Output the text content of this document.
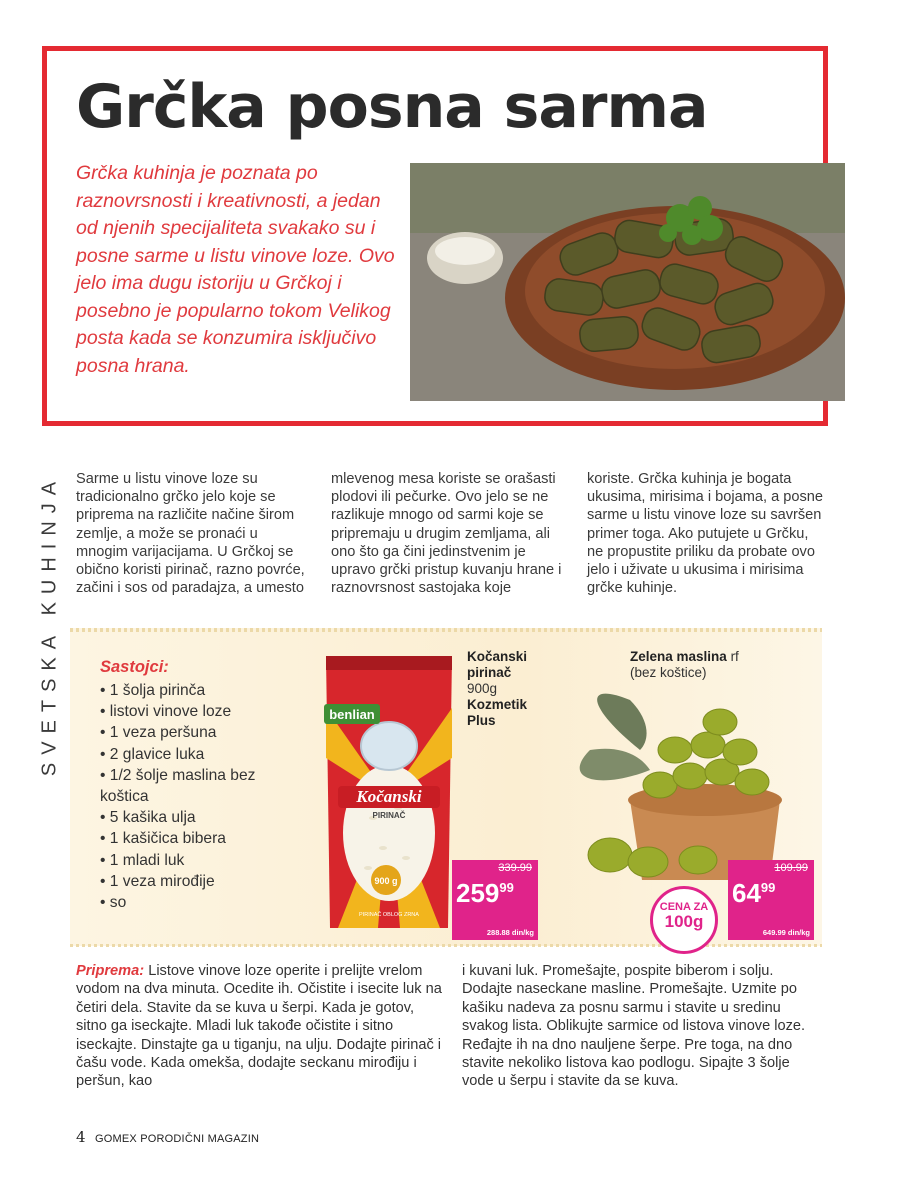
Grčka posna sarma

Grčka kuhinja je poznata po raznovrsnosti i kreativnosti, a jedan od njenih specijaliteta svakako su i posne sarme u listu vinove loze. Ovo jelo ima dugu istoriju u Grčkoj i posebno je popularno tokom Velikog posta kada se konzumira isključivo posna hrana.

SVETSKA KUHINJA Sarme u listu vinove loze su tradicionalno grčko jelo koje se priprema na različite načine širom zemlje, a može se pronaći u mnogim varijacijama. U Grčkoj se obično koristi pirinač, razno povrće, začini i sos od paradajza, a umesto

mlevenog mesa koriste se orašasti plodovi ili pečurke. Ovo jelo se ne razlikuje mnogo od sarmi koje se pripremaju u drugim zemljama, ali ono što ga čini jedinstvenim je upravo grčki pristup kuvanju hrane i raznovrsnost sastojaka koje

koriste. Grčka kuhinja je bogata ukusima, mirisima i bojama, a posne sarme u listu vinove loze su savršen primer toga. Ako putujete u Grčku, ne propustite priliku da probate ovo jelo i uživate u ukusima i mirisima grčke kuhinje.

Sastojci:

• 1 šolja pirinča
• listovi vinove loze
• 1 veza peršuna
• 2 glavice luka
• 1/2 šolje maslina bez koštica
• 5 kašika ulja
• 1 kašičica bibera
• 1 mladi luk
• 1 veza mirođije
• so
benlian
Kočanski
PIRINAČ
900 g
PIRINAČ OBLOG ZRNA
Kočanski pirinač
900g
Kozmetik Plus
Zelena maslina rf
(bez koštice)
339.99
$259^{99}$
288.88 din/kg
109.99
$64^{99}$
649.99 din/kg
CENA ZA
100g

Priprema: Listove vinove loze operite i prelijte vrelom vodom na dva minuta. Ocedite ih. Očistite i isecite luk na četiri dela. Stavite da se kuva u šerpi. Kada je gotov, sitno ga iseckajte. Mladi luk takođe očistite i sitno iseckajte. Dinstajte ga u tiganju, na ulju. Dodajte pirinač i čašu vode. Kada omekša, dodajte seckanu mirođiju i peršun, kao

i kuvani luk. Promešajte, pospite biberom i solju. Dodajte naseckane masline. Promešajte. Uzmite po kašiku nadeva za posnu sarmu i stavite u sredinu svakog lista. Oblikujte sarmice od listova vinove loze. Ređajte ih na dno nauljene šerpe. Pre toga, na dno stavite nekoliko listova kao podlogu. Sipajte 3 šolje vode u šerpu i stavite da se kuva.

4 GOMEX PORODIČNI MAGAZIN
